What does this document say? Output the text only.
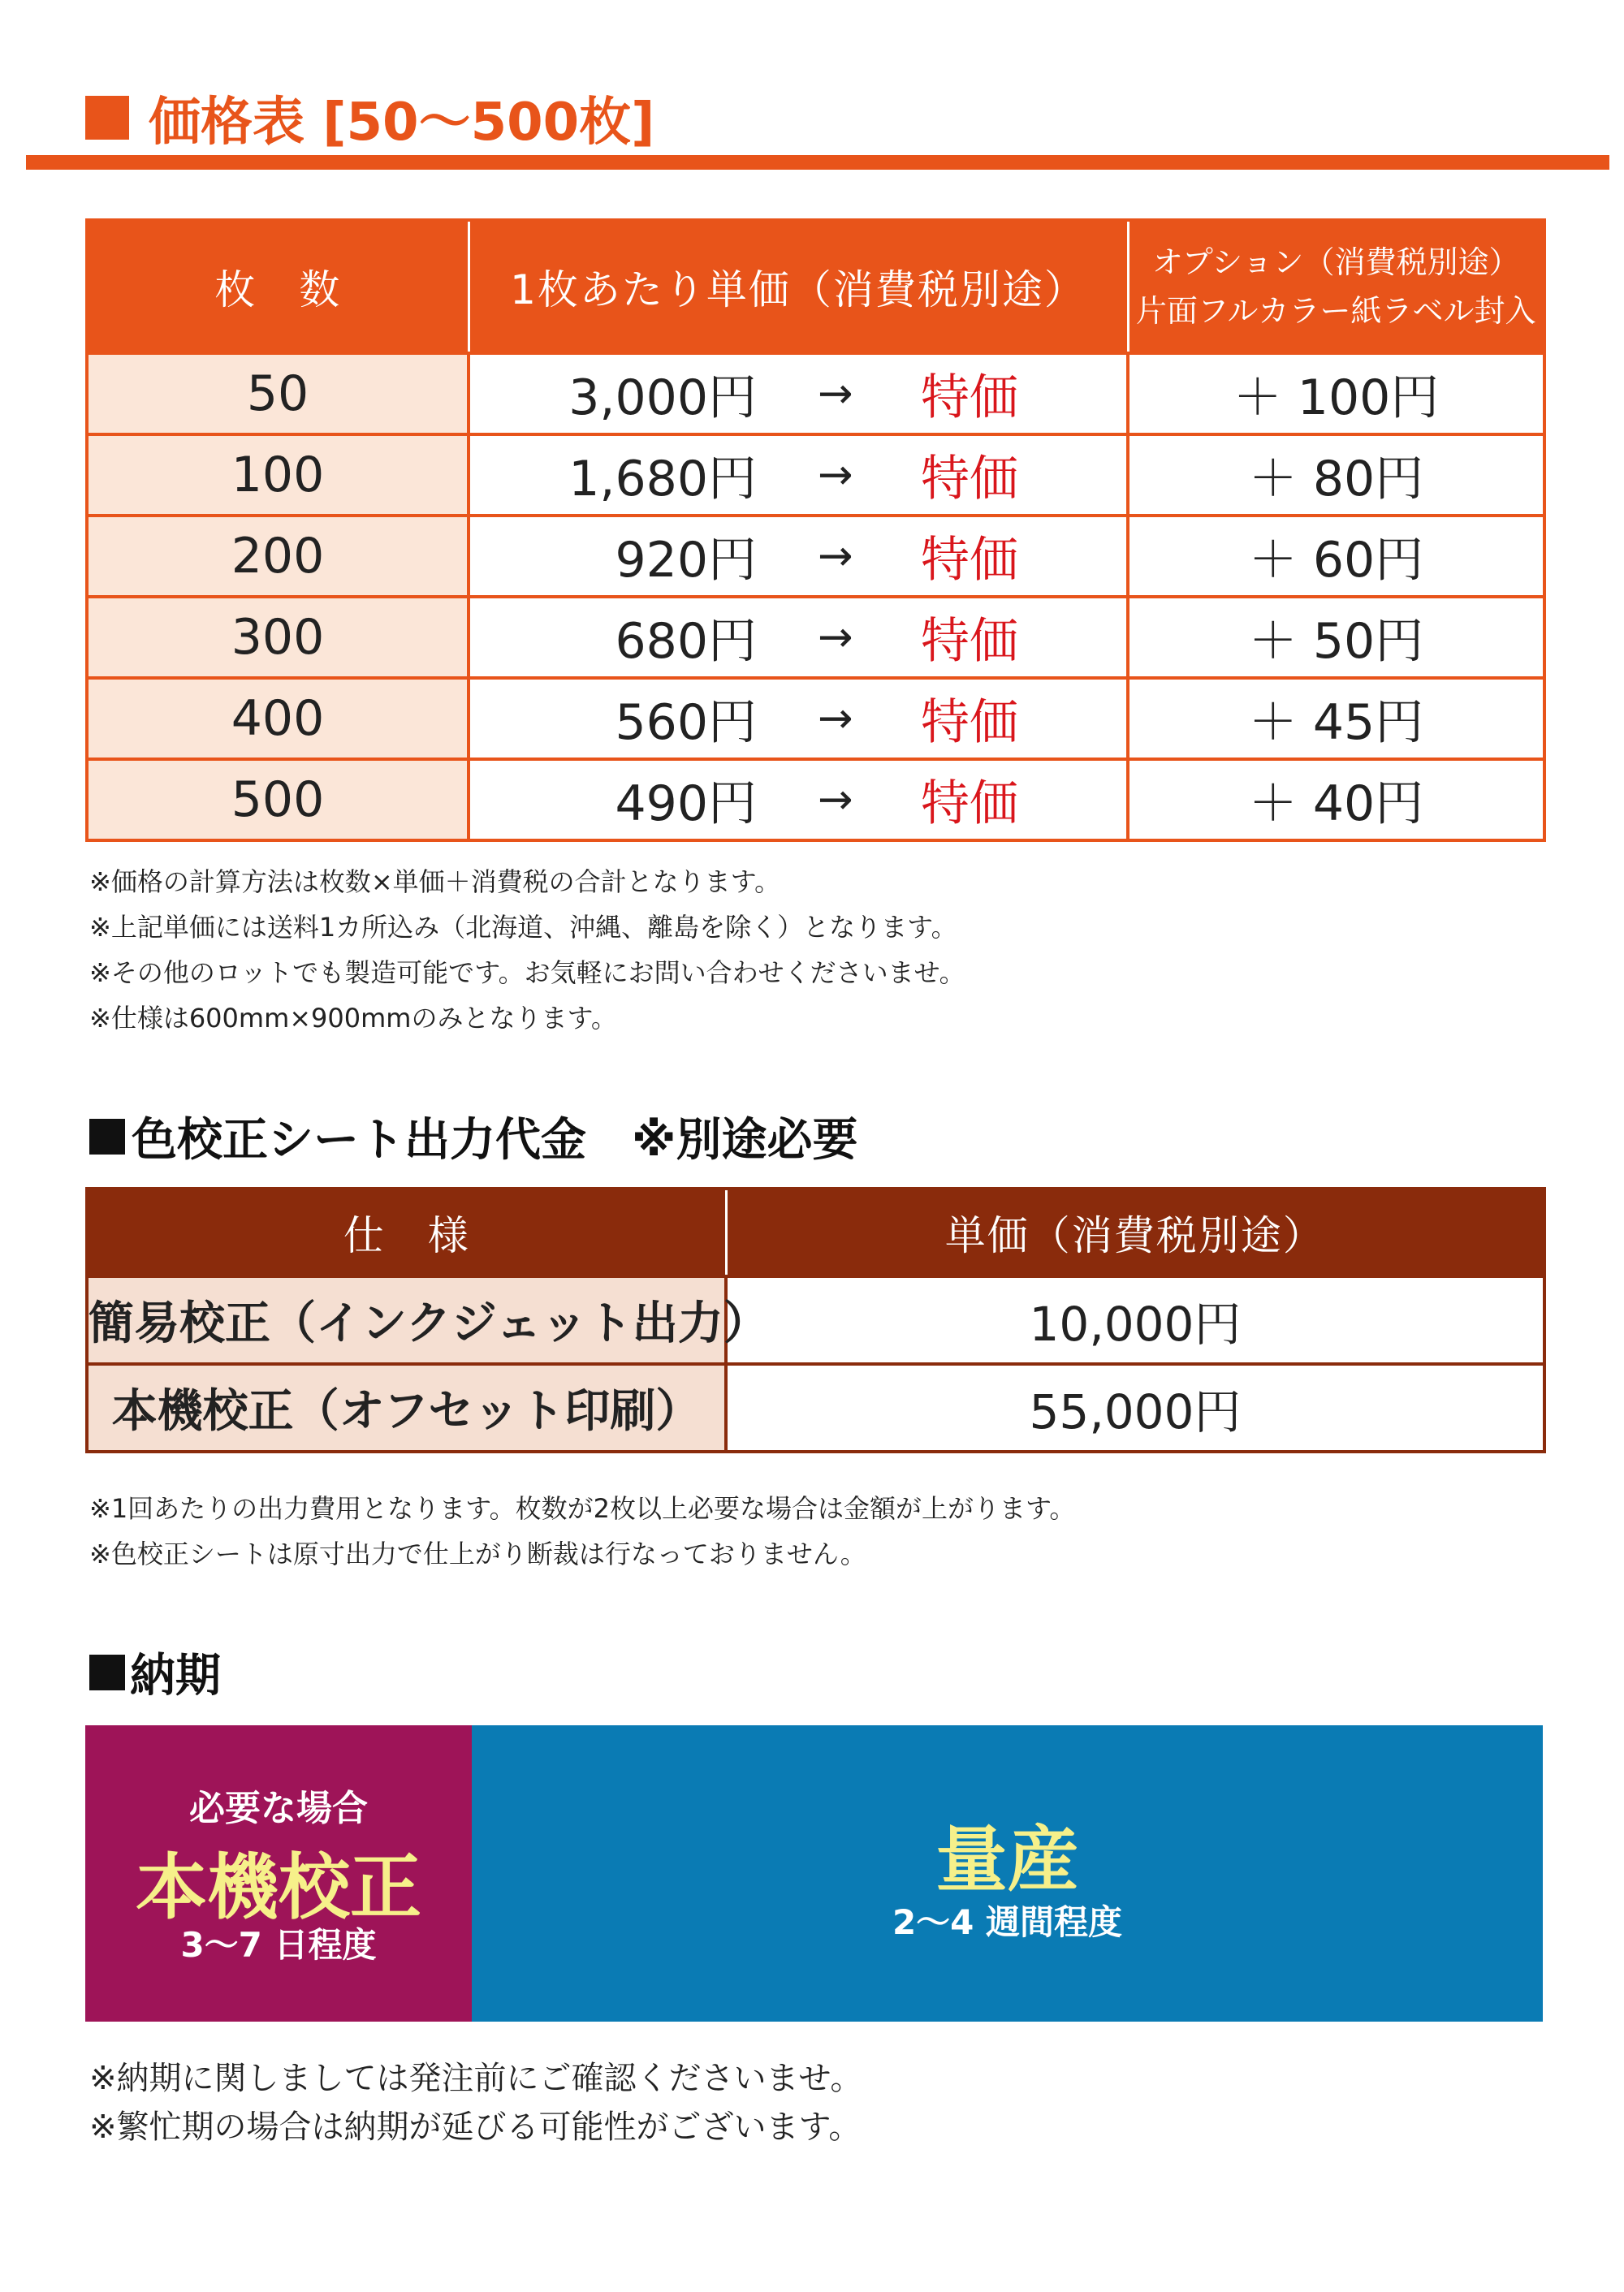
価格表 [50～500枚]
枚　数	1枚あたり単価（消費税別途）	オプション（消費税別途）
片面フルカラー紙ラベル封入

50	3,000円 → 特価	＋ 100円
100	1,680円 → 特価	＋ 80円
200	920円 → 特価	＋ 60円
300	680円 → 特価	＋ 50円
400	560円 → 特価	＋ 45円
500	490円 → 特価	＋ 40円
※価格の計算方法は枚数×単価＋消費税の合計となります。
※上記単価には送料1カ所込み（北海道、沖縄、離島を除く）となります。
※その他のロットでも製造可能です。お気軽にお問い合わせくださいませ。
※仕様は600mm×900mmのみとなります。
色校正シート出力代金　※別途必要
仕　様	単価（消費税別途）
簡易校正（インクジェット出力）	10,000円
本機校正（オフセット印刷）	55,000円
※1回あたりの出力費用となります。枚数が2枚以上必要な場合は金額が上がります。
※色校正シートは原寸出力で仕上がり断裁は行なっておりません。
納期
必要な場合
本機校正
3～7 日程度
量産
2～4 週間程度
※納期に関しましては発注前にご確認くださいませ。
※繁忙期の場合は納期が延びる可能性がございます。
